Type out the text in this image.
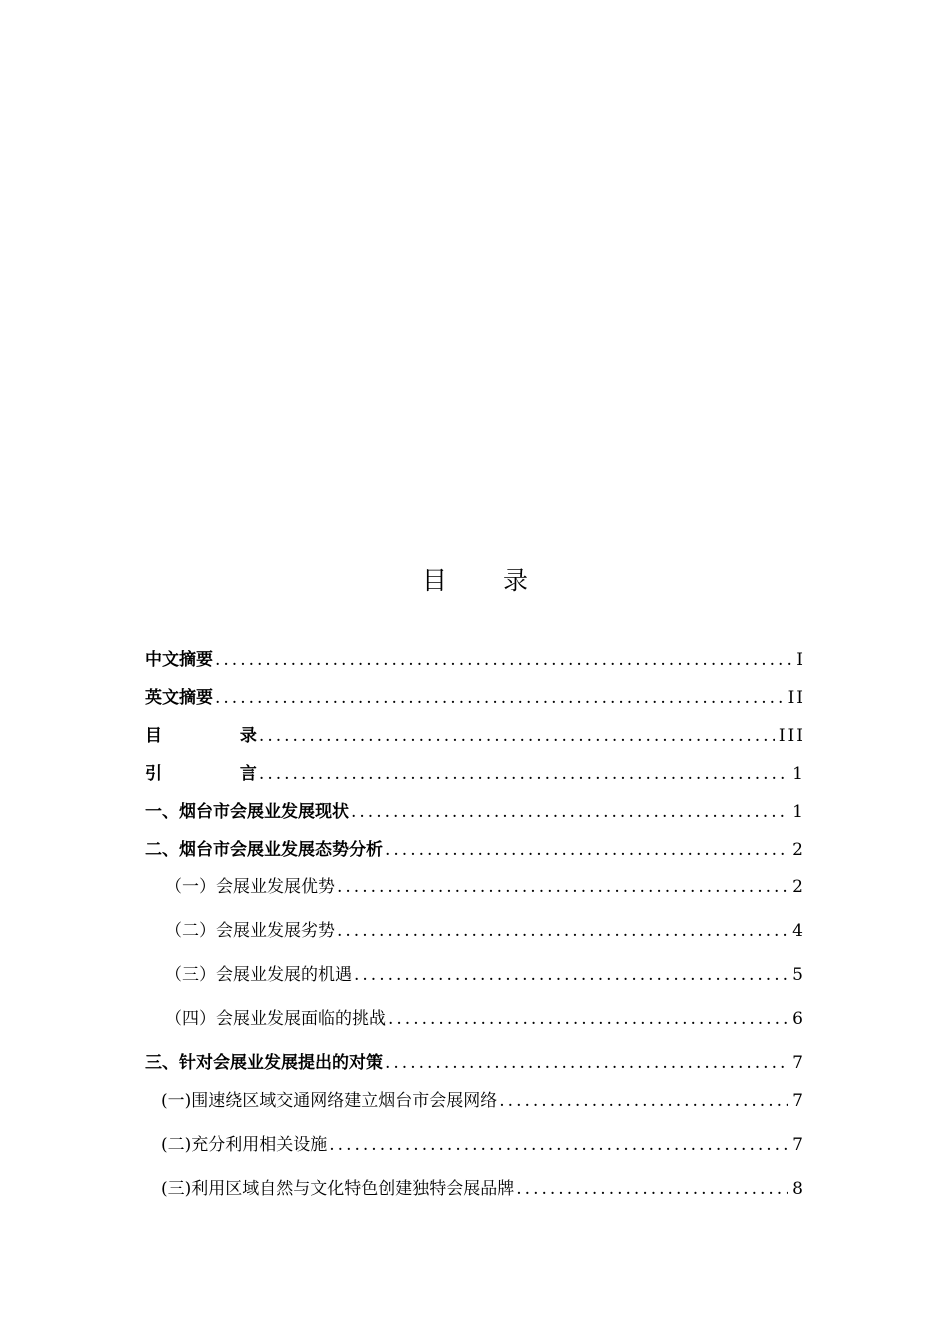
目 录
中文摘要 .....	I
英文摘要 .....	II
目 录 .....	III
引 言 .....	1
一、 烟台市会展业发展现状 .....	1
二、 烟台市会展业发展态势分析 .....	2
（一） 会展业发展优势 .....	2
（二） 会展业发展劣势 .....	4
（三） 会展业发展的机遇 .....	5
（四） 会展业发展面临的挑战 .....	6
三、 针对会展业发展提出的对策 .....	7
(一) 围速绕区域交通网络建立烟台市会展网络 .....	7
(二) 充分利用相关设施 .....	7
(三) 利用区域自然与文化特色创建独特会展品牌 .....	8
